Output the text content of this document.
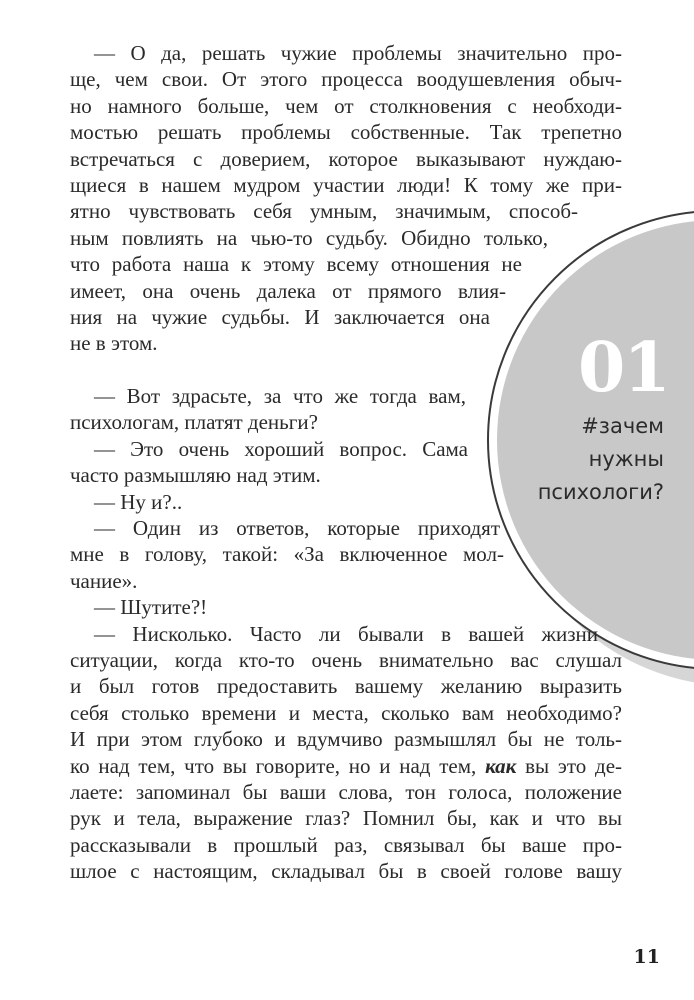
01
#зачем
нужны
психологи?
— О да, решать чужие проблемы значительно про-
ще, чем свои. От этого процесса воодушевления обыч-
но намного больше, чем от столкновения с необходи-
мостью решать проблемы собственные. Так трепетно
встречаться с доверием, которое выказывают нуждаю-
щиеся в нашем мудром участии люди! К тому же при-
ятно чувствовать себя умным, значимым, способ-
ным повлиять на чью-то судьбу. Обидно только,
что работа наша к этому всему отношения не
имеет, она очень далека от прямого влия-
ния на чужие судьбы. И заключается она
не в этом.
— Вот здрасьте, за что же тогда вам,
психологам, платят деньги?
— Это очень хороший вопрос. Сама
часто размышляю над этим.
— Ну и?..
— Один из ответов, которые приходят
мне в голову, такой: «За включенное мол-
чание».
— Шутите?!
— Нисколько. Часто ли бывали в вашей жизни
ситуации, когда кто-то очень внимательно вас слушал
и был готов предоставить вашему желанию выразить
себя столько времени и места, сколько вам необходимо?
И при этом глубоко и вдумчиво размышлял бы не толь-
ко над тем, что вы говорите, но и над тем, как вы это де-
лаете: запоминал бы ваши слова, тон голоса, положение
рук и тела, выражение глаз? Помнил бы, как и что вы
рассказывали в прошлый раз, связывал бы ваше про-
шлое с настоящим, складывал бы в своей голове вашу
11
